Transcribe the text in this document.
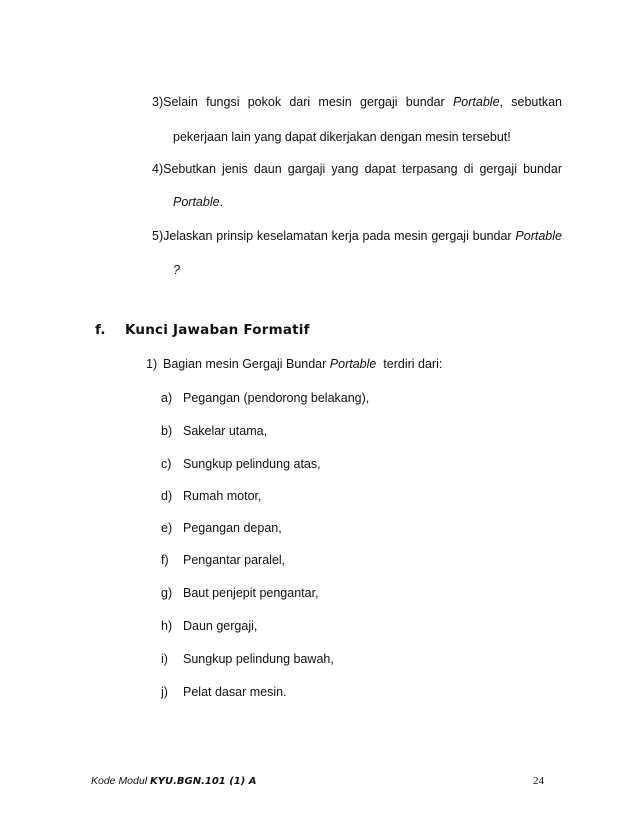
3)Selain fungsi pokok dari mesin gergaji bundar Portable, sebutkan
pekerjaan lain yang dapat dikerjakan dengan mesin tersebut!
4)Sebutkan jenis daun gargaji yang dapat terpasang di gergaji bundar
Portable.
5)Jelaskan prinsip keselamatan kerja pada mesin gergaji bundar Portable
?
f. Kunci Jawaban Formatif
1) Bagian mesin Gergaji Bundar Portable terdiri dari:
a) Pegangan (pendorong belakang),
b) Sakelar utama,
c) Sungkup pelindung atas,
d) Rumah motor,
e) Pegangan depan,
f) Pengantar paralel,
g) Baut penjepit pengantar,
h) Daun gergaji,
i) Sungkup pelindung bawah,
j) Pelat dasar mesin.
Kode Modul KYU.BGN.101 (1) A	24
